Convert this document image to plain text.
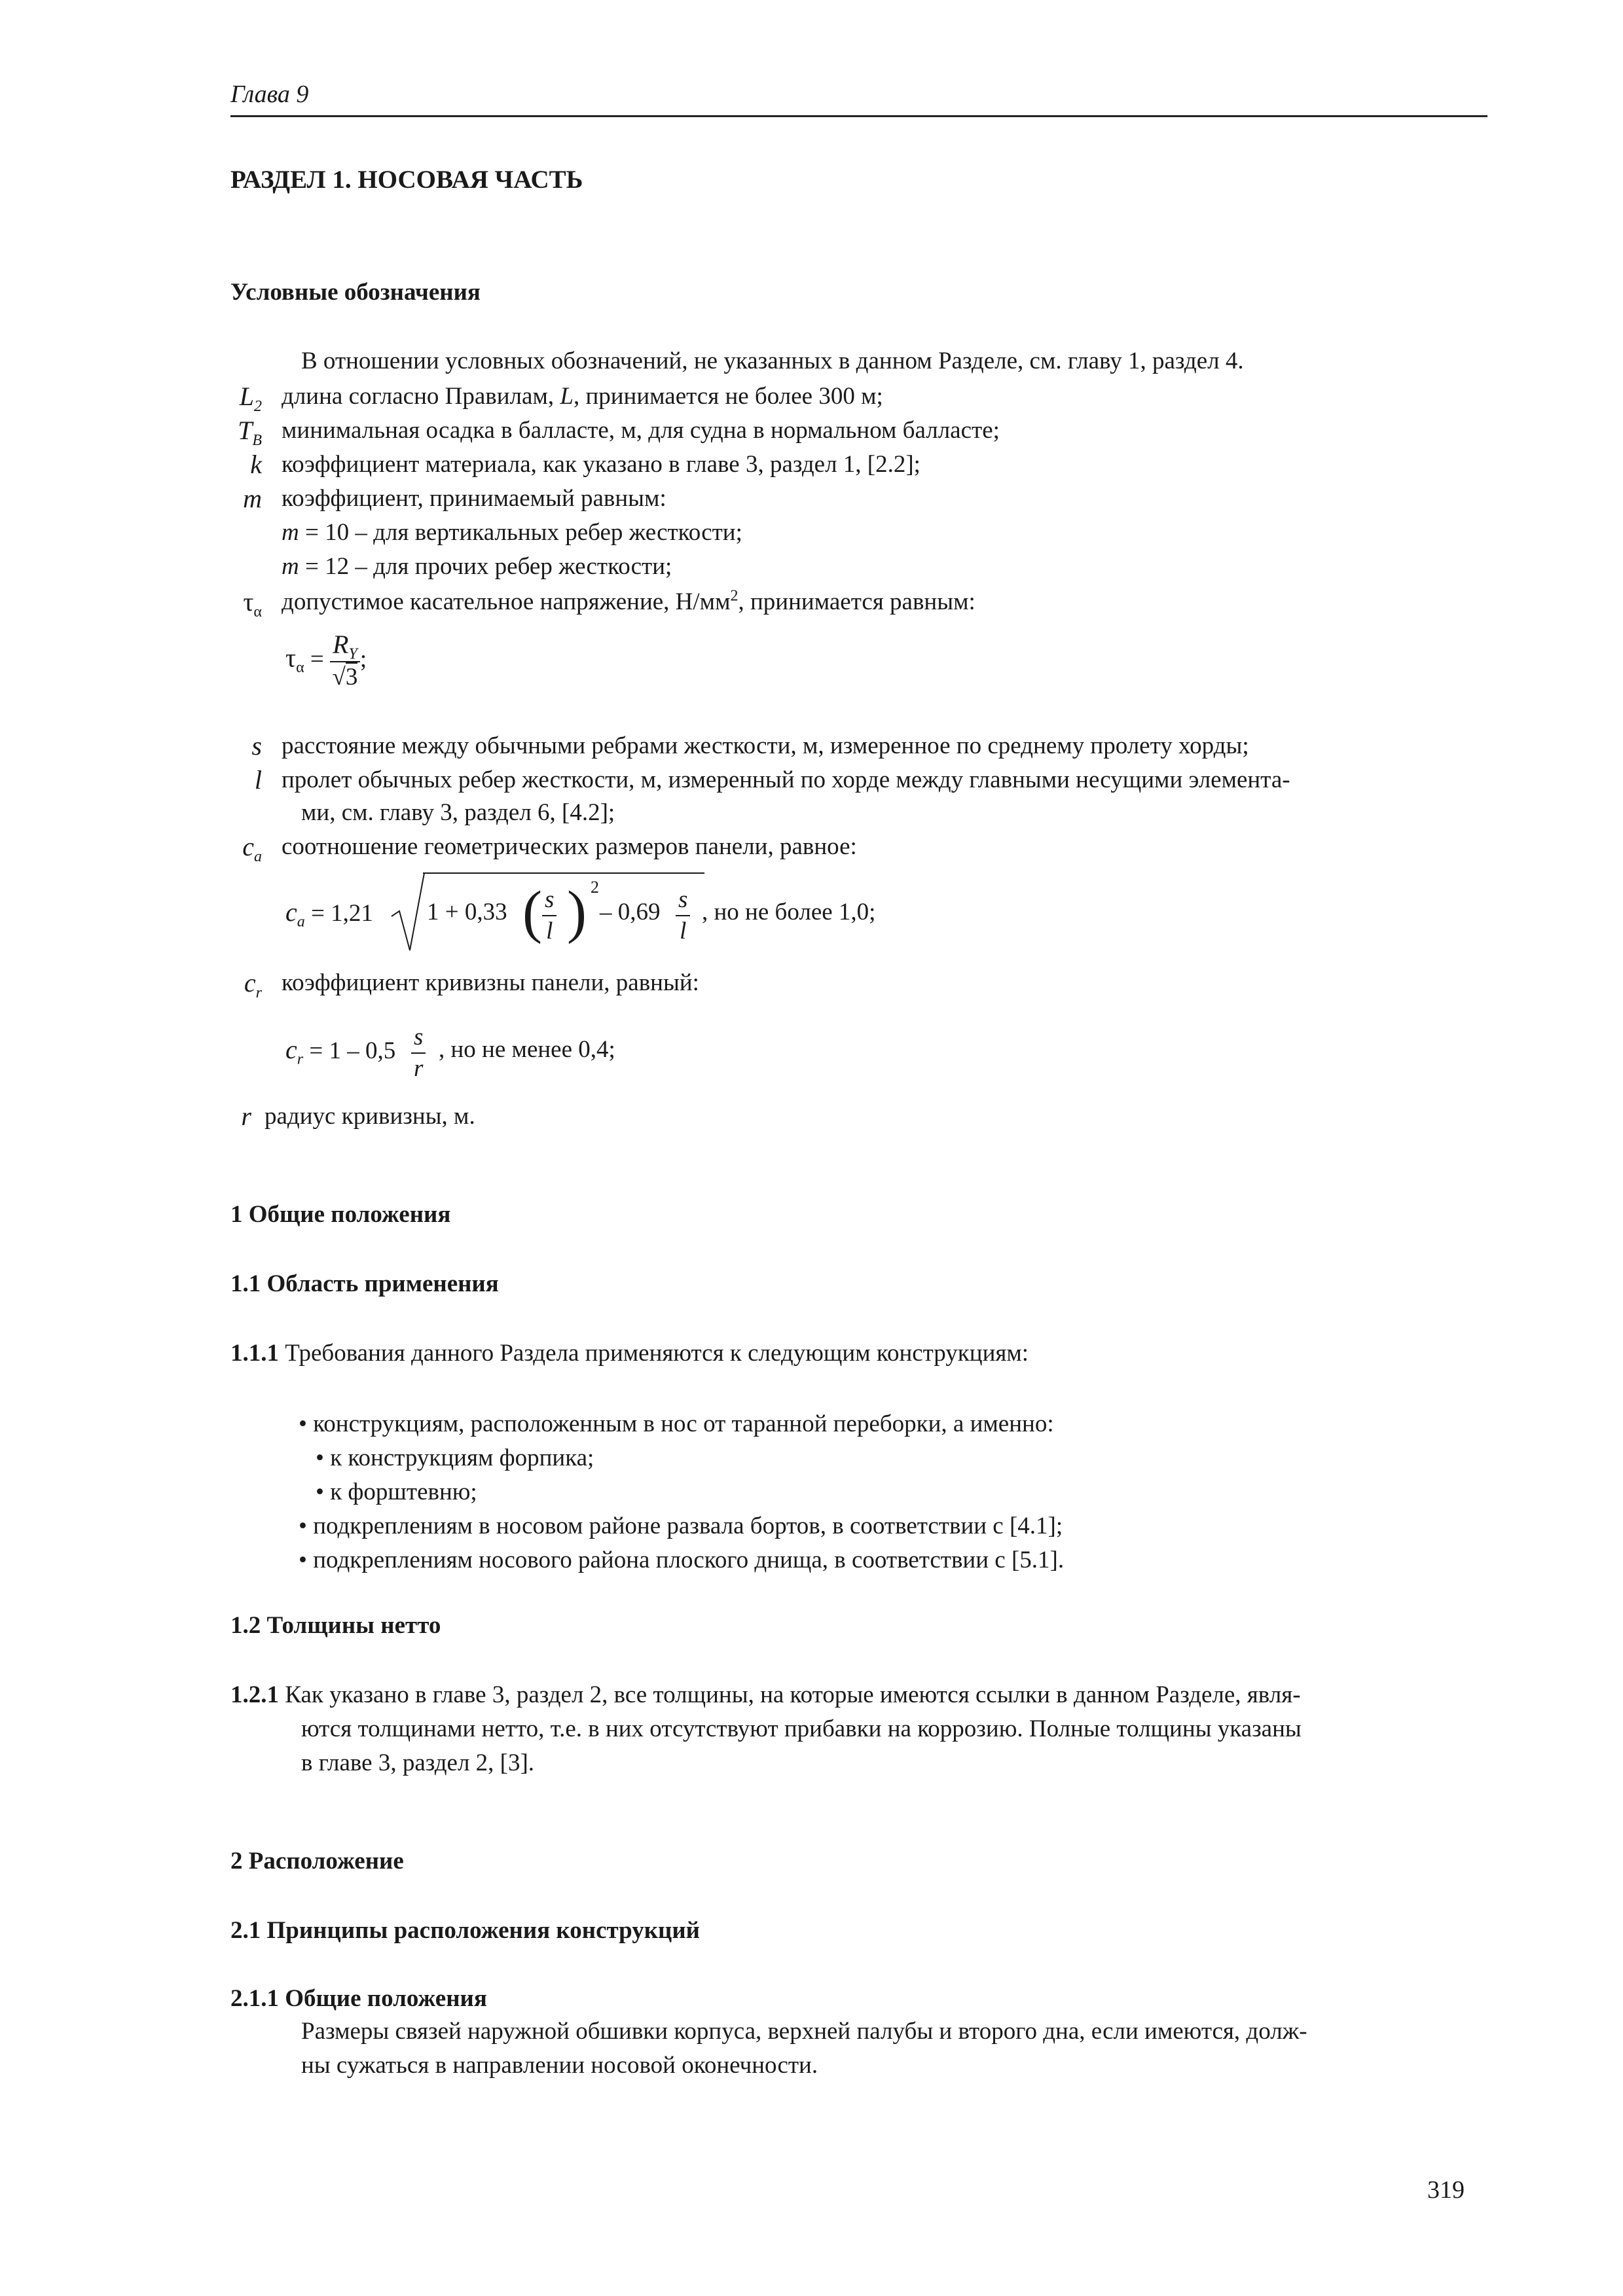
Глава 9
РАЗДЕЛ 1. НОСОВАЯ ЧАСТЬ
Условные обозначения
В отношении условных обозначений, не указанных в данном Разделе, см. главу 1, раздел 4.
$L_2$ длина согласно Правилам, L, принимается не более 300 м;
$T_B$ минимальная осадка в балласте, м, для судна в нормальном балласте;
k коэффициент материала, как указано в главе 3, раздел 1, [2.2];
m коэффициент, принимаемый равным:
m = 10 – для вертикальных ребер жесткости;
m = 12 – для прочих ребер жесткости;
$\tau_\alpha$ допустимое касательное напряжение, $Н/мм^2$, принимается равным:
$\tau_\alpha = \frac{R_Y}{√3}$ ;
s расстояние между обычными ребрами жесткости, м, измеренное по среднему пролету хорды;
l пролет обычных ребер жесткости, м, измеренный по хорде между главными несущими элемента-
ми, см. главу 3, раздел 6, [4.2];
$c_a$ соотношение геометрических размеров панели, равное:
$c_a = 1,21$ 1 + 0,33 ( $\frac{s}{l}$ ) 2
– $0,69 \frac{s}{l}$ , но не более 1,0;
$c_r$ коэффициент кривизны панели, равный:
$c_r = 1 - 0,5 \frac{s}{r}$ , но не менее 0,4;
r радиус кривизны, м.
1 Общие положения
1.1 Область применения
1.1.1 Требования данного Раздела применяются к следующим конструкциям:
• конструкциям, расположенным в нос от таранной переборки, а именно:
• к конструкциям форпика;
• к форштевню;
• подкреплениям в носовом районе развала бортов, в соответствии с [4.1];
• подкреплениям носового района плоского днища, в соответствии с [5.1].
1.2 Толщины нетто
1.2.1 Как указано в главе 3, раздел 2, все толщины, на которые имеются ссылки в данном Разделе, явля-
ются толщинами нетто, т.е. в них отсутствуют прибавки на коррозию. Полные толщины указаны
в главе 3, раздел 2, [3].
2 Расположение
2.1 Принципы расположения конструкций
2.1.1 Общие положения
Размеры связей наружной обшивки корпуса, верхней палубы и второго дна, если имеются, долж-
ны сужаться в направлении носовой оконечности.
319
